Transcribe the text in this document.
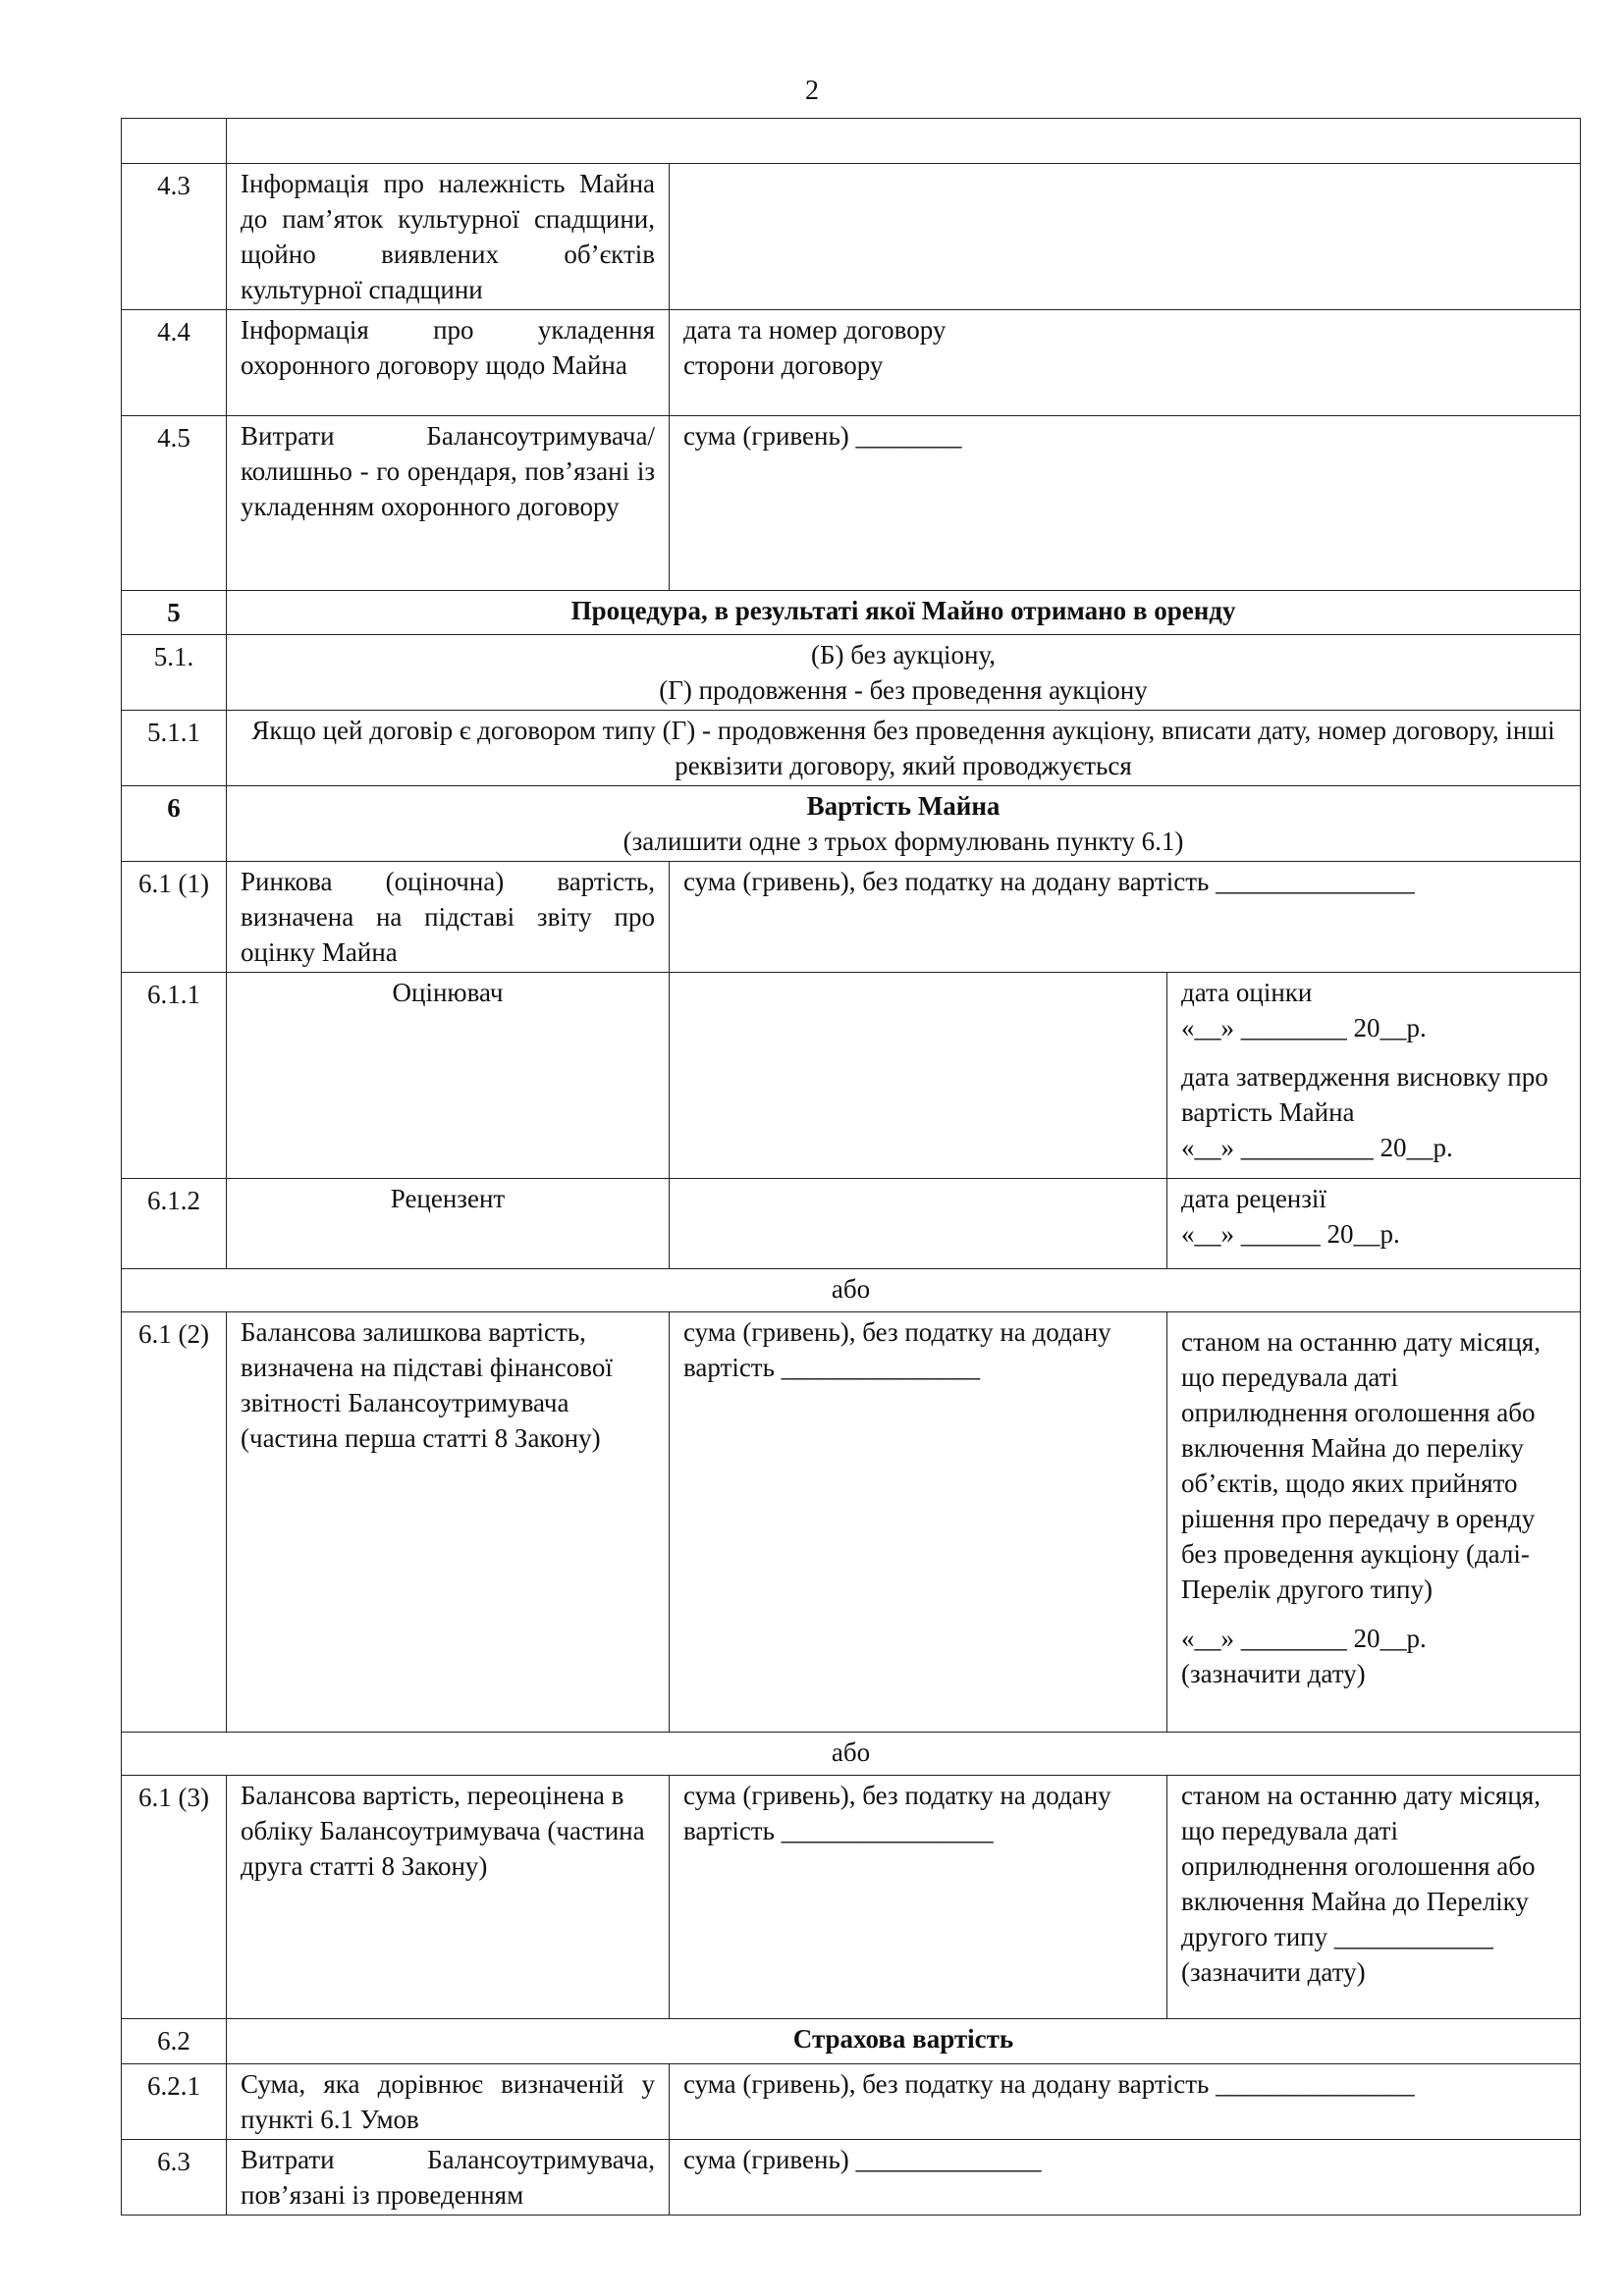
2

4.3	Інформація про належність Майна до пам’яток культурної спадщини, щойно виявлених об’єктів культурної спадщини		
4.4	Інформація про укладення охоронного договору щодо Майна	дата та номер договору
сторони договору	

4.5	Витрати Балансоутримувача/колишньо - го орендаря, пов’язані із укладенням охоронного договору	сума (гривень) ________	
5	Процедура, в результаті якої Майно отримано в оренду		
5.1.	(Б) без аукціону,
(Г) продовження - без проведення аукціону		

5.1.1	Якщо цей договір є договором типу (Г) - продовження без проведення аукціону, вписати дату, номер договору, інші реквізити договору, який проводжується		
6	Вартість Майна
(залишити одне з трьох формулювань пункту 6.1)		

6.1 (1)	Ринкова (оціночна) вартість, визначена на підставі звіту про оцінку Майна	сума (гривень), без податку на додану вартість _______________	
6.1.1	Оцінювач		дата оцінки
«__» ________ 20__р.
дата затвердження висновку про вартість Майна
«__» __________ 20__р.

6.1.2	Рецензент		дата рецензії
«__» ______ 20__р.

або			
6.1 (2)	Балансова залишкова вартість, визначена на підставі фінансової звітності Балансоутримувача (частина перша статті 8 Закону)	сума (гривень), без податку на додану вартість _______________	станом на останню дату місяця, що передувала даті оприлюднення оголошення або включення Майна до переліку об’єктів, щодо яких прийнято рішення про передачу в оренду без проведення аукціону (далі- Перелік другого типу)
«__» ________ 20__р.
(зазначити дату)

або			
6.1 (3)	Балансова вартість, переоцінена в обліку Балансоутримувача (частина друга статті 8 Закону)	сума (гривень), без податку на додану вартість ________________	станом на останню дату місяця, що передувала даті оприлюднення оголошення або включення Майна до Переліку другого типу ____________ (зазначити дату)
6.2	Страхова вартість		
6.2.1	Сума, яка дорівнює визначеній у пункті 6.1 Умов	сума (гривень), без податку на додану вартість _______________	
6.3	Витрати Балансоутримувача, пов’язані із проведенням	сума (гривень) ______________	
